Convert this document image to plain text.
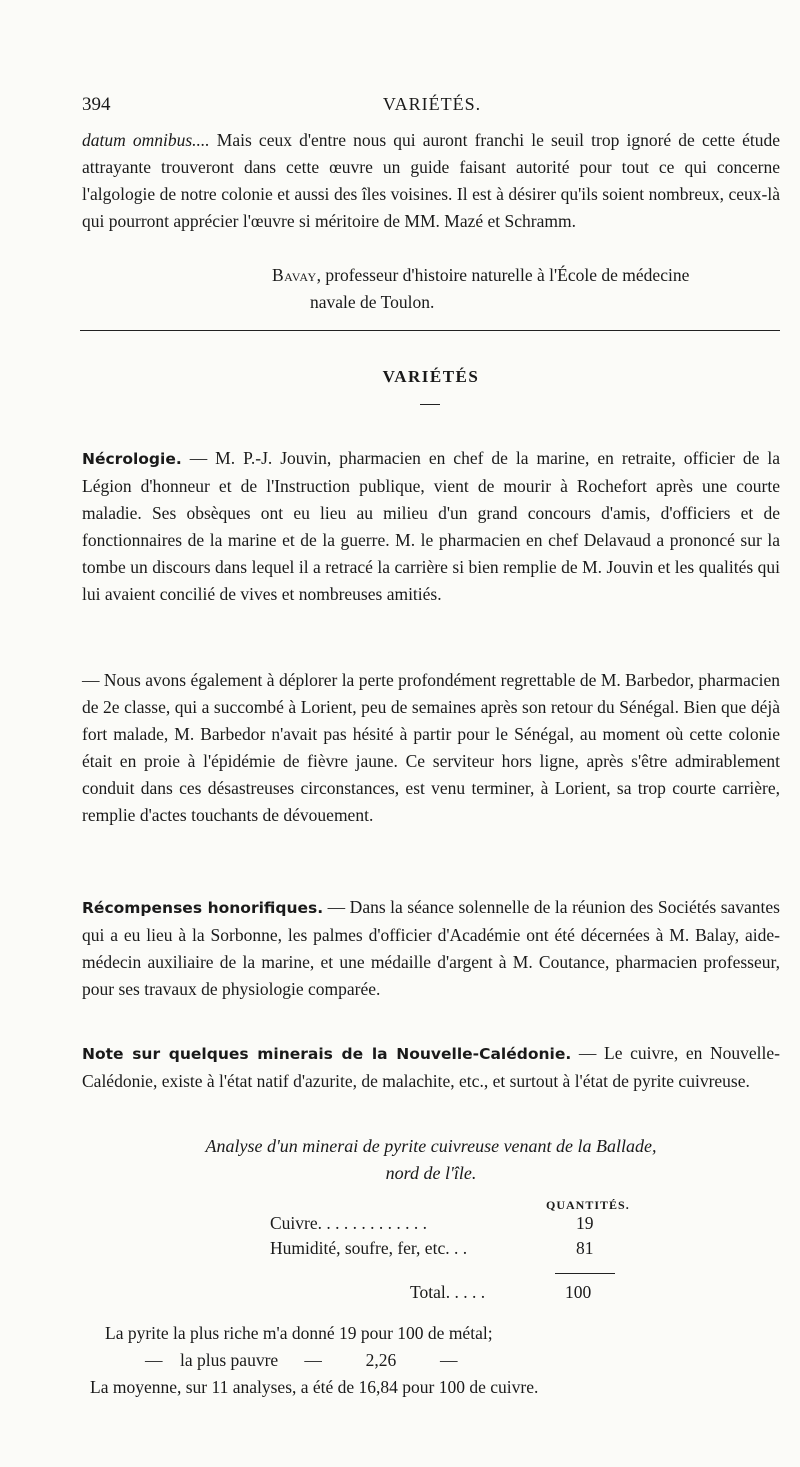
394	VARIÉTÉS.

datum omnibus.... Mais ceux d'entre nous qui auront franchi le seuil trop ignoré de cette étude attrayante trouveront dans cette œuvre un guide faisant autorité pour tout ce qui concerne l'algologie de notre colonie et aussi des îles voisines. Il est à désirer qu'ils soient nombreux, ceux-là qui pourront apprécier l'œuvre si méritoire de MM. Mazé et Schramm.

Bavay, professeur d'histoire naturelle à l'École de médecine
navale de Toulon.
VARIÉTÉS

Nécrologie. — M. P.-J. Jouvin, pharmacien en chef de la marine, en retraite, officier de la Légion d'honneur et de l'Instruction publique, vient de mourir à Rochefort après une courte maladie. Ses obsèques ont eu lieu au milieu d'un grand concours d'amis, d'officiers et de fonctionnaires de la marine et de la guerre. M. le pharmacien en chef Delavaud a prononcé sur la tombe un discours dans lequel il a retracé la carrière si bien remplie de M. Jouvin et les qualités qui lui avaient concilié de vives et nombreuses amitiés.

— Nous avons également à déplorer la perte profondément regrettable de M. Barbedor, pharmacien de 2e classe, qui a succombé à Lorient, peu de semaines après son retour du Sénégal. Bien que déjà fort malade, M. Barbedor n'avait pas hésité à partir pour le Sénégal, au moment où cette colonie était en proie à l'épidémie de fièvre jaune. Ce serviteur hors ligne, après s'être admirablement conduit dans ces désastreuses circonstances, est venu terminer, à Lorient, sa trop courte carrière, remplie d'actes touchants de dévouement.

Récompenses honorifiques. — Dans la séance solennelle de la réunion des Sociétés savantes qui a eu lieu à la Sorbonne, les palmes d'officier d'Académie ont été décernées à M. Balay, aide-médecin auxiliaire de la marine, et une médaille d'argent à M. Coutance, pharmacien professeur, pour ses travaux de physiologie comparée.

Note sur quelques minerais de la Nouvelle-Calédonie. — Le cuivre, en Nouvelle-Calédonie, existe à l'état natif d'azurite, de malachite, etc., et surtout à l'état de pyrite cuivreuse.

Analyse d'un minerai de pyrite cuivreuse venant de la Ballade,
nord de l'île.
QUANTITÉS.
Cuivre. . . . . . . . . . . . .	19
Humidité, soufre, fer, etc. . .	81
Total. . . . .	100
La pyrite la plus riche m'a donné 19 pour 100 de métal;
—    la plus pauvre      —          2,26          —
La moyenne, sur 11 analyses, a été de 16,84 pour 100 de cuivre.
